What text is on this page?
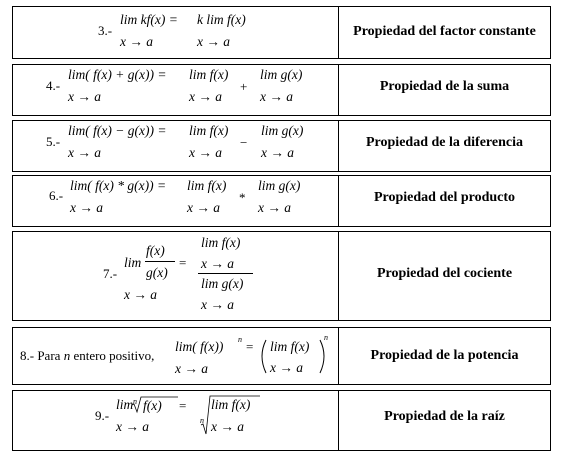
3.-
lim kf(x) =
x → a
k lim f(x)
x → a
Propiedad del factor constante
4.-
lim( f(x) + g(x)) =
x → a
lim f(x)
x → a
+
lim g(x)
x → a
Propiedad de la suma
5.-
lim( f(x) − g(x)) =
x → a
lim f(x)
x → a
−
lim g(x)
x → a
Propiedad de la diferencia
6.-
lim( f(x) * g(x)) =
x → a
lim f(x)
x → a
*
lim g(x)
x → a
Propiedad del producto
7.-
lim
f(x)
g(x)
=
x → a
lim f(x)
x → a
lim g(x)
x → a
Propiedad del cociente
8.- Para n entero positivo,
lim( f(x)) n =
x → a
lim f(x)
x → a
n
Propiedad de la potencia
9.-
lim n f(x) =
x → a	n
lim f(x)
x → a
Propiedad de la raíz
